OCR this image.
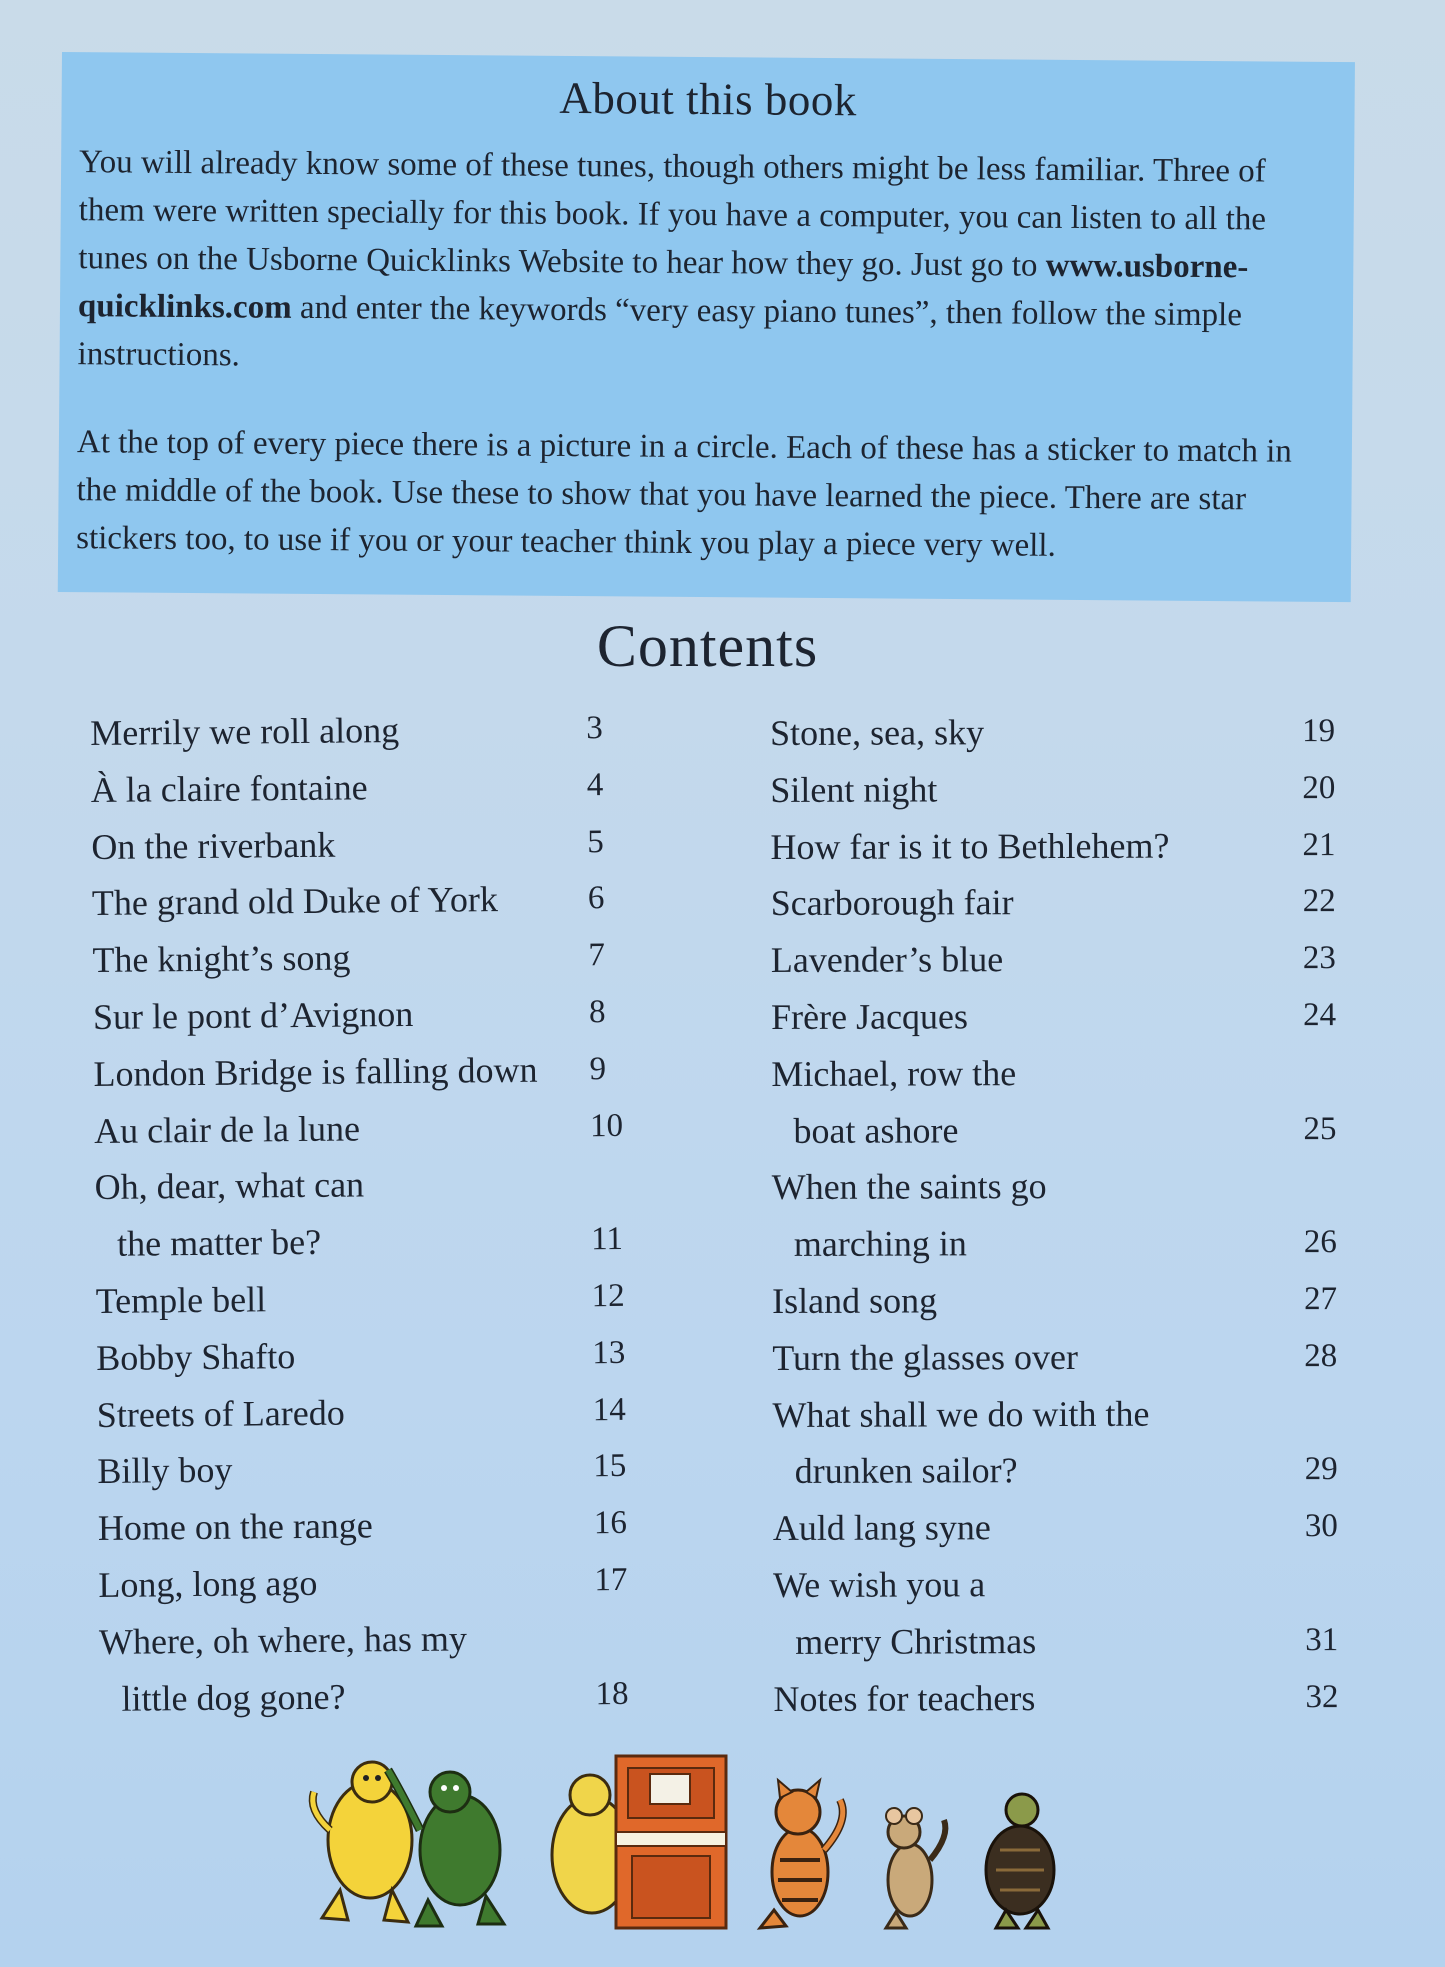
About this book

You will already know some of these tunes, though others might be less familiar. Three of them were written specially for this book. If you have a computer, you can listen to all the tunes on the Usborne Quicklinks Website to hear how they go. Just go to www.usborne-quicklinks.com and enter the keywords “very easy piano tunes”, then follow the simple instructions.

At the top of every piece there is a picture in a circle. Each of these has a sticker to match in the middle of the book. Use these to show that you have learned the piece. There are star stickers too, to use if you or your teacher think you play a piece very well.

Contents
Merrily we roll along	3
À la claire fontaine	4
On the riverbank	5
The grand old Duke of York	6
The knight’s song	7
Sur le pont d’Avignon	8
London Bridge is falling down	9
Au clair de la lune	10
Oh, dear, what can
the matter be?	11
Temple bell	12
Bobby Shafto	13
Streets of Laredo	14
Billy boy	15
Home on the range	16
Long, long ago	17
Where, oh where, has my
little dog gone?	18
Stone, sea, sky	19
Silent night	20
How far is it to Bethlehem?	21
Scarborough fair	22
Lavender’s blue	23
Frère Jacques	24
Michael, row the
boat ashore	25
When the saints go
marching in	26
Island song	27
Turn the glasses over	28
What shall we do with the
drunken sailor?	29
Auld lang syne	30
We wish you a
merry Christmas	31
Notes for teachers	32
